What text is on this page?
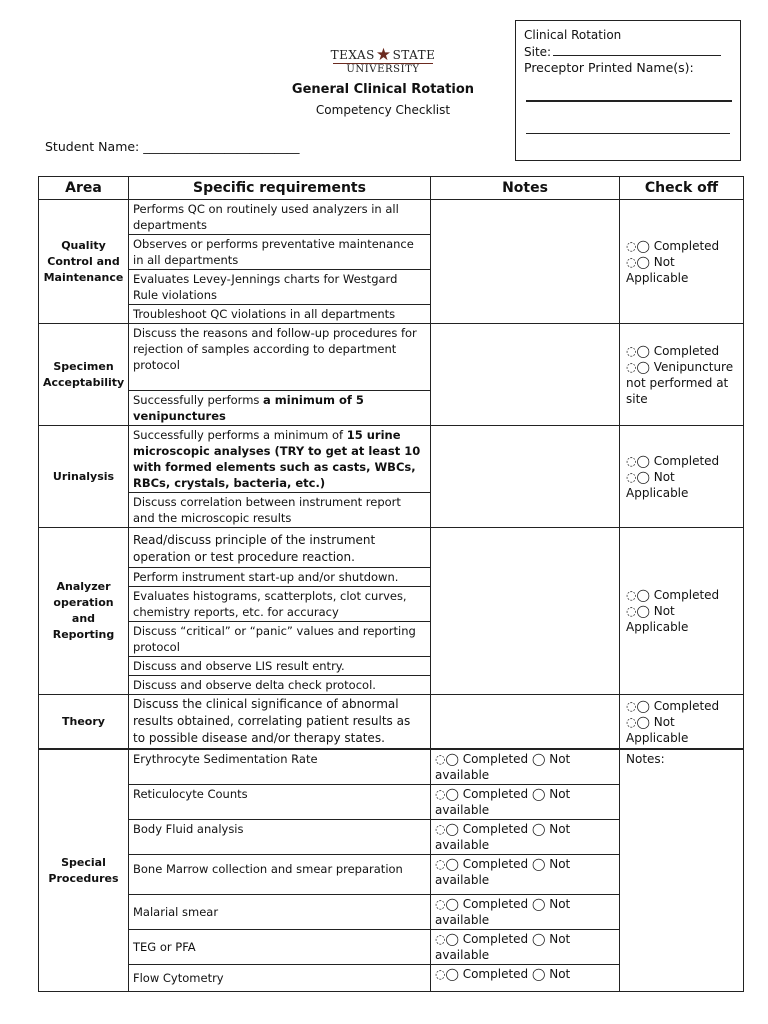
TEXAS ★ STATE
UNIVERSITY
General Clinical Rotation
Competency Checklist
Student Name: _________________________
Clinical Rotation
Site:
Preceptor Printed Name(s):
Area	Specific requirements	Notes	Check off
Quality Control and Maintenance	Performs QC on routinely used analyzers in all departments		◌◯ Completed
◌◯ Not Applicable

	Observes or performs preventative maintenance in all departments		
	Evaluates Levey-Jennings charts for Westgard Rule violations		
	Troubleshoot QC violations in all departments		
Specimen Acceptability	Discuss the reasons and follow-up procedures for rejection of samples according to department protocol		◌◯ Completed
◌◯ Venipuncture not performed at site

	Successfully performs a minimum of 5 venipunctures		
Urinalysis	Successfully performs a minimum of 15 urine microscopic analyses (TRY to get at least 10 with formed elements such as casts, WBCs, RBCs, crystals, bacteria, etc.)		◌◯ Completed
◌◯ Not Applicable

	Discuss correlation between instrument report and the microscopic results		
Analyzer operation and Reporting	Read/discuss principle of the instrument operation or test procedure reaction.		◌◯ Completed
◌◯ Not Applicable

	Perform instrument start-up and/or shutdown.		
	Evaluates histograms, scatterplots, clot curves, chemistry reports, etc. for accuracy		
	Discuss “critical” or “panic” values and reporting protocol		
	Discuss and observe LIS result entry.		
	Discuss and observe delta check protocol.		
Theory	Discuss the clinical significance of abnormal results obtained, correlating patient results as to possible disease and/or therapy states.		◌◯ Completed
◌◯ Not Applicable

Special Procedures	Erythrocyte Sedimentation Rate	◌◯ Completed ◯ Not available	Notes:
	Reticulocyte Counts	◌◯ Completed ◯ Not available	
	Body Fluid analysis	◌◯ Completed ◯ Not available	
	Bone Marrow collection and smear preparation	◌◯ Completed ◯ Not available	
	Malarial smear	◌◯ Completed ◯ Not available	
	TEG or PFA	◌◯ Completed ◯ Not available	
	Flow Cytometry	◌◯ Completed ◯ Not	
